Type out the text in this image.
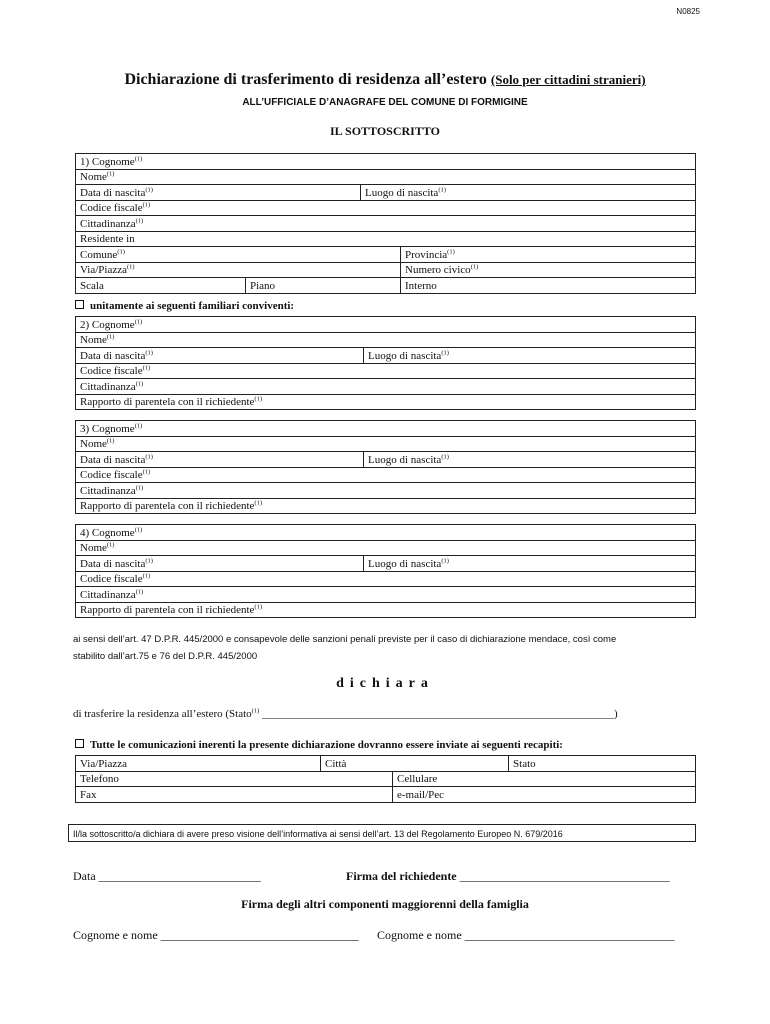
N0825
Dichiarazione di trasferimento di residenza all’estero (Solo per cittadini stranieri)
ALL’UFFICIALE D’ANAGRAFE DEL COMUNE DI FORMIGINE
IL SOTTOSCRITTO
1) Cognome$^{(1)}$
Nome$^{(1)}$
Data di nascita$^{(1)}$		Luogo di nascita$^{(1)}$
Codice fiscale$^{(1)}$
Cittadinanza$^{(1)}$
Residente in			
Comune$^{(1)}$			Provincia$^{(1)}$
Via/Piazza$^{(1)}$			Numero civico$^{(1)}$
Scala	Piano		Interno
unitamente ai seguenti familiari conviventi:
2) Cognome$^{(1)}$
Nome$^{(1)}$
Data di nascita$^{(1)}$	Luogo di nascita$^{(1)}$
Codice fiscale$^{(1)}$
Cittadinanza$^{(1)}$
Rapporto di parentela con il richiedente$^{(1)}$
3) Cognome$^{(1)}$
Nome$^{(1)}$
Data di nascita$^{(1)}$	Luogo di nascita$^{(1)}$
Codice fiscale$^{(1)}$
Cittadinanza$^{(1)}$
Rapporto di parentela con il richiedente$^{(1)}$
4) Cognome$^{(1)}$
Nome$^{(1)}$
Data di nascita$^{(1)}$	Luogo di nascita$^{(1)}$
Codice fiscale$^{(1)}$
Cittadinanza$^{(1)}$
Rapporto di parentela con il richiedente$^{(1)}$
ai sensi dell’art. 47 D.P.R. 445/2000 e consapevole delle sanzioni penali previste per il caso di dichiarazione mendace, così come
stabilito dall’art.75 e 76 del D.P.R. 445/2000
dichiara
di trasferire la residenza all’estero (Stato$^{(1)}$ ________________________________________________________________)
Tutte le comunicazioni inerenti la presente dichiarazione dovranno essere inviate ai seguenti recapiti:
Via/Piazza	Città		Stato
Telefono		Cellulare	
Fax		e-mail/Pec	
Il/la sottoscritto/a dichiara di avere preso visione dell’informativa ai sensi dell’art. 13 del Regolamento Europeo N. 679/2016
Data ___________________________	Firma del richiedente ___________________________________
Firma degli altri componenti maggiorenni della famiglia
Cognome e nome _________________________________ Cognome e nome ___________________________________
